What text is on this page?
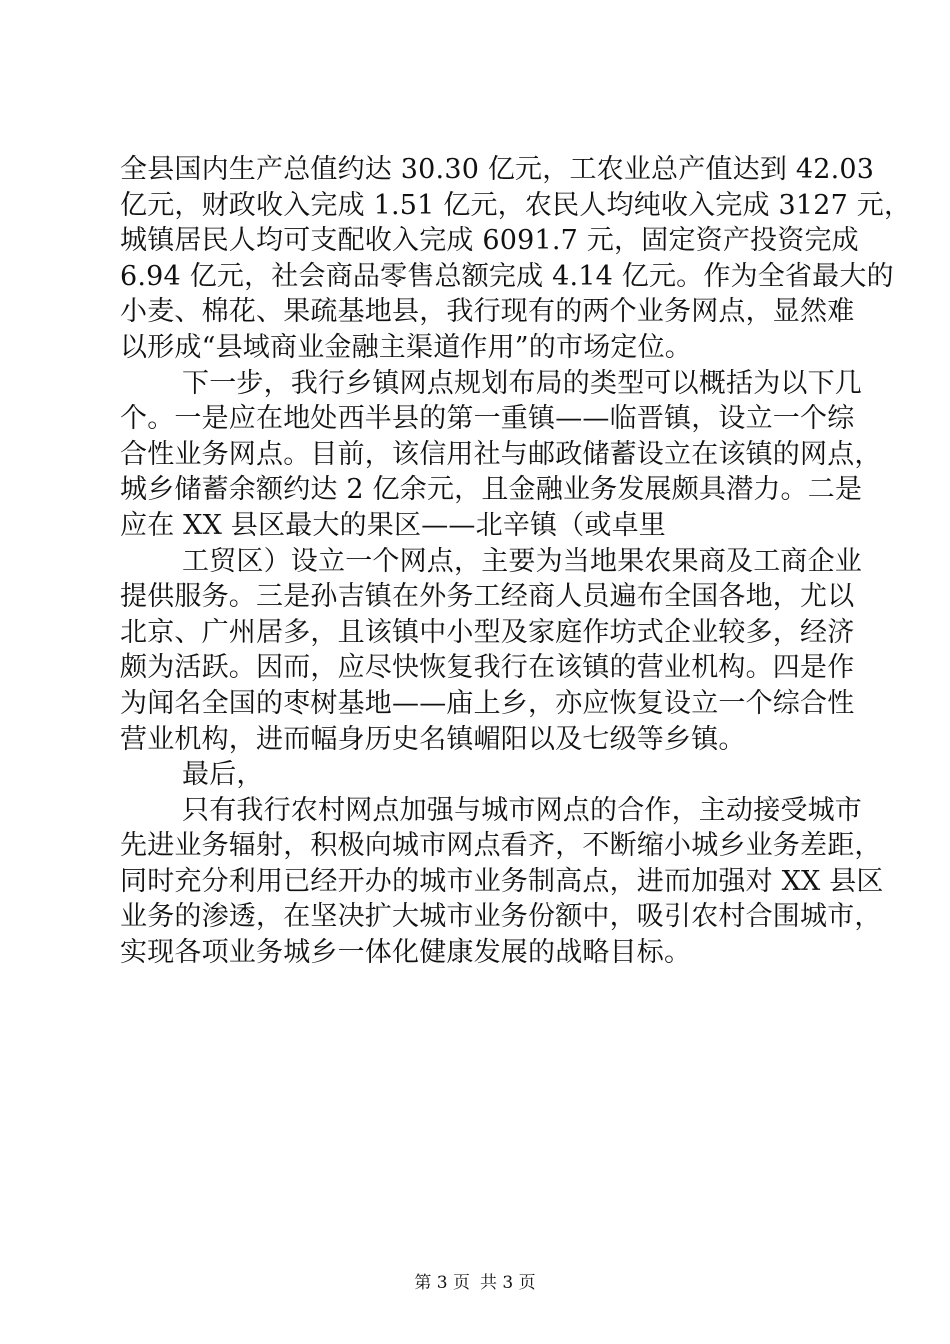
全县国内生产总值约达 30.30 亿元，工农业总产值达到 42.03
亿元，财政收入完成 1.51 亿元，农民人均纯收入完成 3127 元，
城镇居民人均可支配收入完成 6091.7 元，固定资产投资完成
6.94 亿元，社会商品零售总额完成 4.14 亿元。作为全省最大的
小麦、棉花、果疏基地县，我行现有的两个业务网点，显然难
以形成“县域商业金融主渠道作用”的市场定位。
下一步，我行乡镇网点规划布局的类型可以概括为以下几
个。一是应在地处西半县的第一重镇——临晋镇，设立一个综
合性业务网点。目前，该信用社与邮政储蓄设立在该镇的网点，
城乡储蓄余额约达 2 亿余元，且金融业务发展颇具潜力。二是
应在 XX 县区最大的果区——北辛镇（或卓里
工贸区）设立一个网点，主要为当地果农果商及工商企业
提供服务。三是孙吉镇在外务工经商人员遍布全国各地，尤以
北京、广州居多，且该镇中小型及家庭作坊式企业较多，经济
颇为活跃。因而，应尽快恢复我行在该镇的营业机构。四是作
为闻名全国的枣树基地——庙上乡，亦应恢复设立一个综合性
营业机构，进而幅身历史名镇嵋阳以及七级等乡镇。
最后，
只有我行农村网点加强与城市网点的合作，主动接受城市
先进业务辐射，积极向城市网点看齐，不断缩小城乡业务差距，
同时充分利用已经开办的城市业务制高点，进而加强对 XX 县区
业务的渗透，在坚决扩大城市业务份额中，吸引农村合围城市，
实现各项业务城乡一体化健康发展的战略目标。
第 3 页 共 3 页
